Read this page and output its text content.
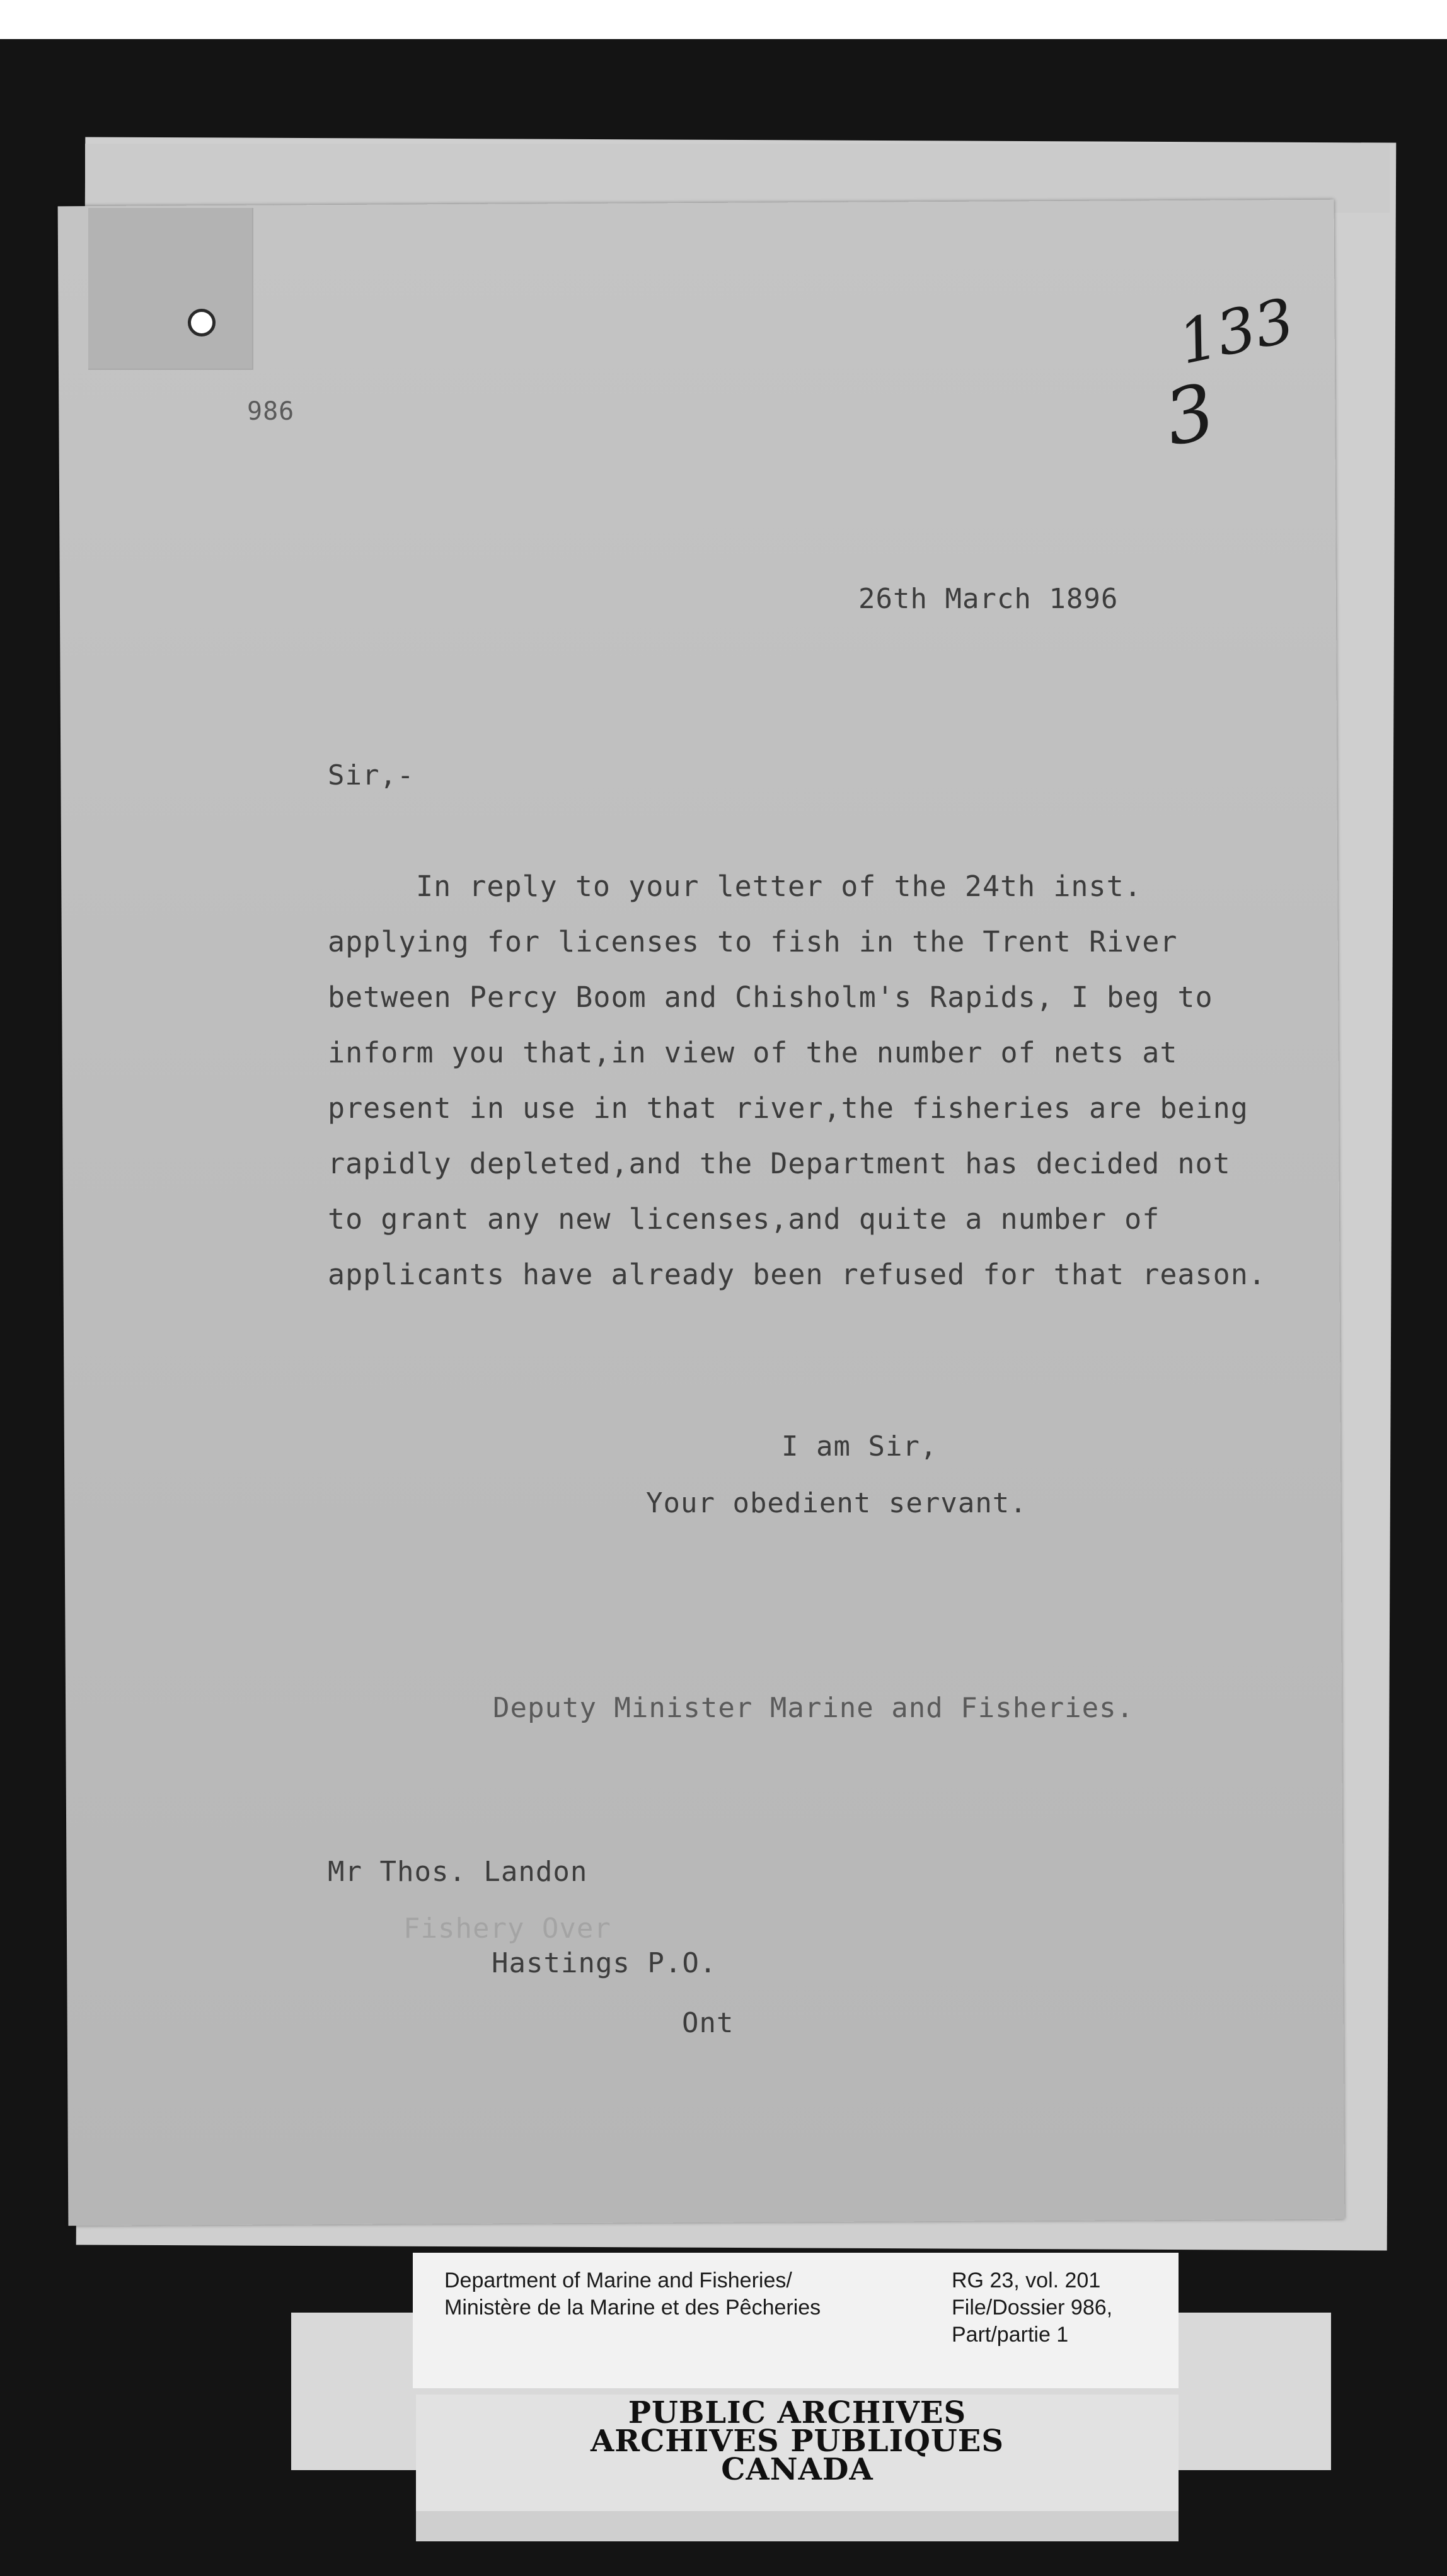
986
133
3
26th March 1896
Sir,-
In reply to your letter of the 24th inst.
applying for licenses to fish in the Trent River
between Percy Boom and Chisholm's Rapids, I beg to
inform you that,in view of the number of nets at
present in use in that river,the fisheries are being
rapidly depleted,and the Department has decided not
to grant any new licenses,and quite a number of
applicants have already been refused for that reason.
I am Sir,
Your obedient servant.
Deputy Minister Marine and Fisheries.
Mr Thos. Landon
Fishery Over
Hastings P.O.
Ont
Department of Marine and Fisheries/
Ministère de la Marine et des Pêcheries
RG 23, vol. 201
File/Dossier 986,
Part/partie 1
PUBLIC ARCHIVES
ARCHIVES PUBLIQUES
CANADA
